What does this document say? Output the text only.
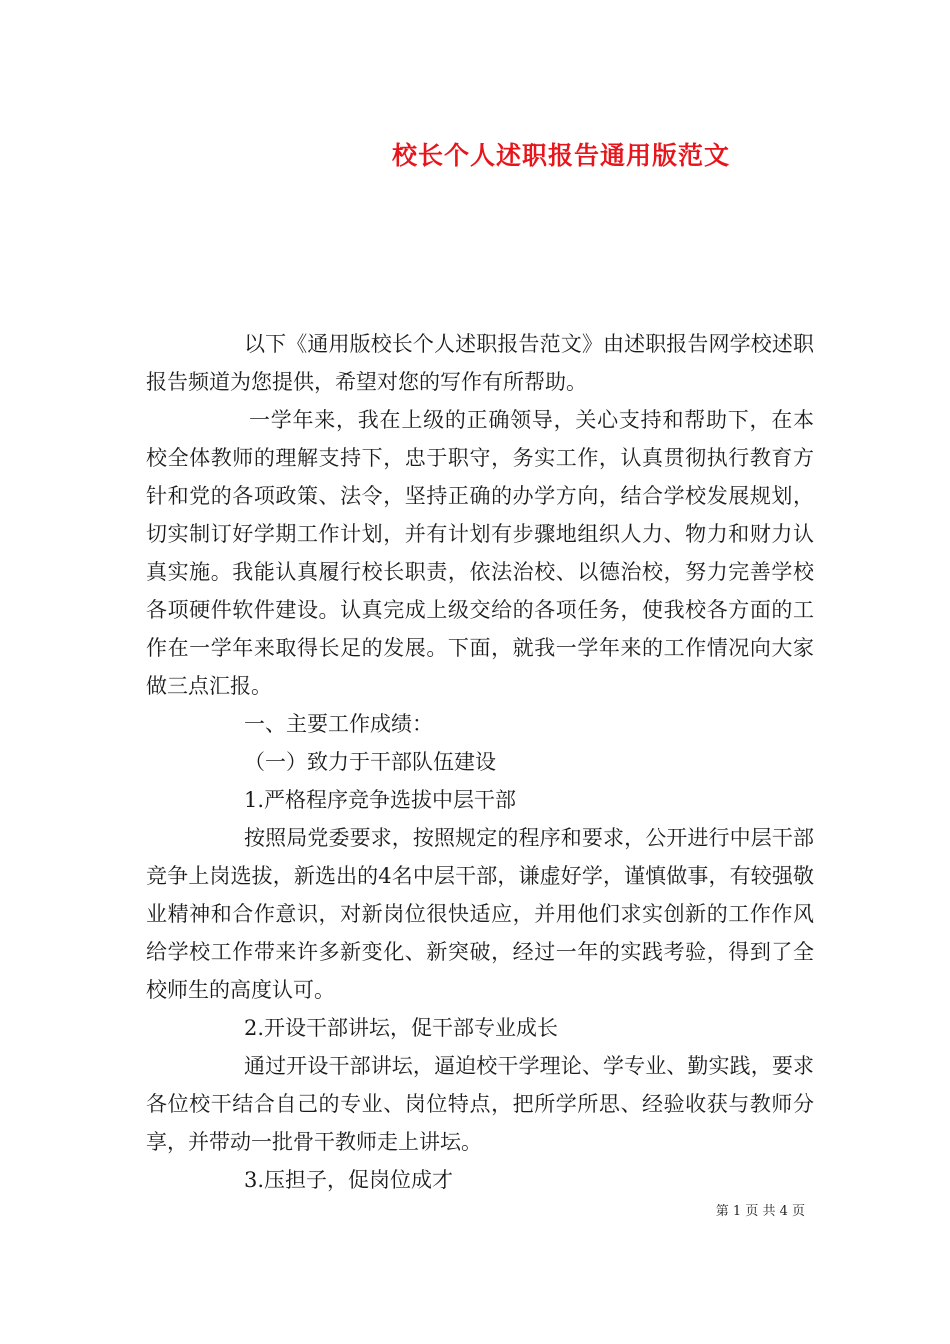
校长个人述职报告通用版范文

以下《通用版校长个人述职报告范文》由述职报告网学校述职报告频道为您提供，希望对您的写作有所帮助。

一学年来，我在上级的正确领导，关心支持和帮助下，在本校全体教师的理解支持下，忠于职守，务实工作，认真贯彻执行教育方针和党的各项政策、法令，坚持正确的办学方向，结合学校发展规划，切实制订好学期工作计划，并有计划有步骤地组织人力、物力和财力认真实施。我能认真履行校长职责，依法治校、以德治校，努力完善学校各项硬件软件建设。认真完成上级交给的各项任务，使我校各方面的工作在一学年来取得长足的发展。下面，就我一学年来的工作情况向大家做三点汇报。

一、主要工作成绩：

（一）致力于干部队伍建设

1.严格程序竞争选拔中层干部

按照局党委要求，按照规定的程序和要求，公开进行中层干部竞争上岗选拔，新选出的4名中层干部，谦虚好学，谨慎做事，有较强敬业精神和合作意识，对新岗位很快适应，并用他们求实创新的工作作风给学校工作带来许多新变化、新突破，经过一年的实践考验，得到了全校师生的高度认可。

2.开设干部讲坛，促干部专业成长

通过开设干部讲坛，逼迫校干学理论、学专业、勤实践，要求各位校干结合自己的专业、岗位特点，把所学所思、经验收获与教师分享，并带动一批骨干教师走上讲坛。

3.压担子，促岗位成才

第 1 页 共 4 页
